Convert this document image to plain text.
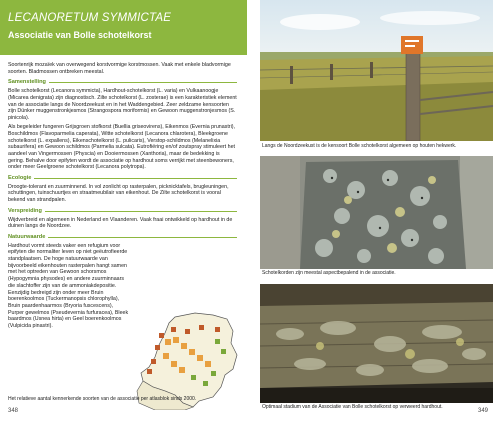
LECANORETUM SYMMICTAE
Associatie van Bolle schotelkorst

Soortenrijk mozaïek van overwegend korstvormige korstmossen. Vaak met enkele bladvormige soorten. Bladmossen ontbreken meestal.

Samenstelling

Bolle schotelkorst (Lecanora symmicta), Hardhout-schotelkorst (L. varia) en Vulkaanoogje (Micarea denigrata) zijn diagnostisch. Ziltе schotelkorst (L. zosterae) is een karakteristiek element van de associatie langs de Noordzeekust en in het Waddengebied. Zeer zeldzame kensoorten zijn Dünker muggenstronkjesmos (Strangospora moriformis) en Gewoon muggenstronjesmos (S. pinicola).

Als begeleider fungeren Grijsgroen stofkorst (Buellia griseovirens), Eikenmos (Evernia prunastri), Boschildmos (Flavoparmelia caperata), Witte schotelkorst (Lecanora chlarotera), Bleekgroene schotelkorst (L. expallens), Eikenschotelkorst (L. pulicaris), Verstop-schildmos (Melanelixia subaurifera) en Gewoon schildmos (Parmelia sulcata). Eutrofiëring en/of zoutspray stimuleert het aandeel van Vingermossen (Physcia) en Dooiermossen (Xanthoria), maar de bedekking is gering. Behalve door epifyten wordt de associatie op hardhout soms verrijkt met steenbewoners, onder meer Geelgroene schotelkorst (Lecanora polytropa).

Ecologie

Droogte-tolerant en zuurminnend. In vol zonlicht op rasterpalen, picknicktafels, brugleuningen, schuttingen, tuinschuurtjes en straatmeubilair van eikenhout. De Ziltе schotelkorst is vooral bekend van strandpalen.

Verspreiding

Wijdverbreid en algemeen in Nederland en Vlaanderen. Vaak fraai ontwikkeld op hardhout in de duinen langs de Noordzee.

Natuurwaarde

Hardhout vormt steeds vaker een refugium voor epifyten die normaliter leven op niet geëutrofieerde standplaatsen. De hoge natuurwaarde van bijvoorbeeld eikenhouten rasterpalen hangt samen met het optreden van Gewoon schorsmos (Hypogymnia physodes) en andere zuurminnaars die slachtoffer zijn van de ammoniakdepositie. Eenzijdig bedreigd zijn onder meer Bruin boerenkoolmos (Tuckermanopsis chlorophylla), Bruin paardenhaarmos (Bryoria fuscescens), Purper gewelmos (Pseudevernia furfuracea), Bleek baardmos (Usnea hirta) en Geel boerenkoolmos (Vulpicida pinastri).

Het relatieve aantal kennerkende soorten van de associatie per atlasblok sinds 2000.
Langs de Noordzeekust is de kensoort Bolle schotelkorst algemeen op houten hekwerk.
Schotelkorden zijn meestal aspectbepalend in de associatie.
Optimaal stadium van de Associatie van Bolle schotelkorst op verweerd hardhout.
348	349
